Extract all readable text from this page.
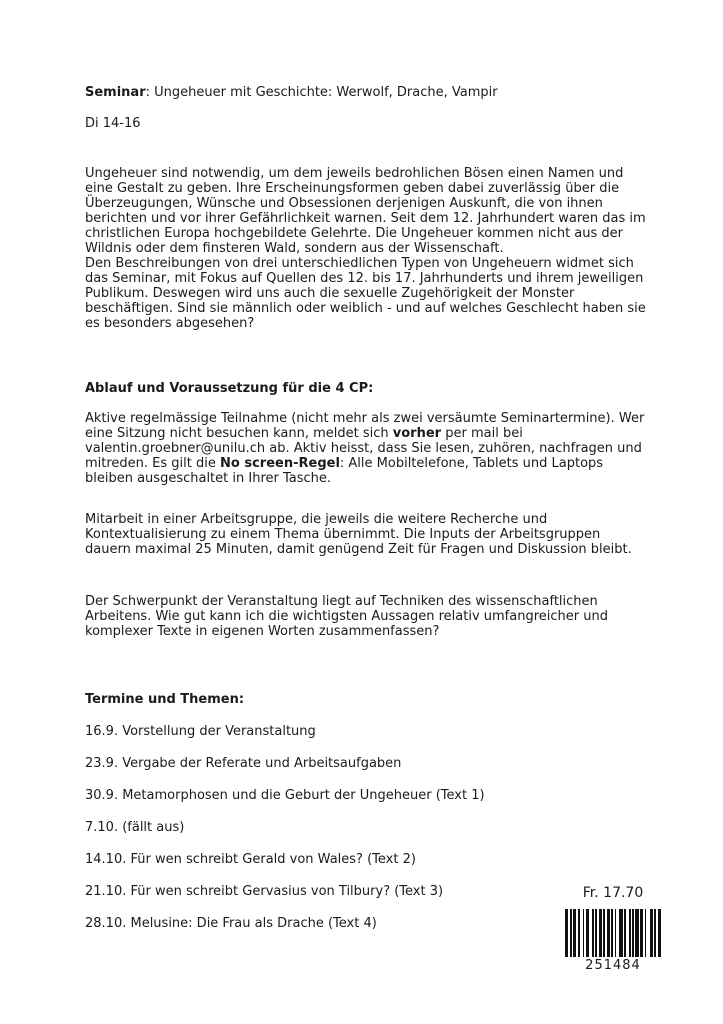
Seminar: Ungeheuer mit Geschichte: Werwolf, Drache, Vampir
Di 14-16

Ungeheuer sind notwendig, um dem jeweils bedrohlichen Bösen einen Namen und eine Gestalt zu geben. Ihre Erscheinungsformen geben dabei zuverlässig über die Überzeugungen, Wünsche und Obsessionen derjenigen Auskunft, die von ihnen berichten und vor ihrer Gefährlichkeit warnen. Seit dem 12. Jahrhundert waren das im christlichen Europa hochgebildete Gelehrte. Die Ungeheuer kommen nicht aus der Wildnis oder dem finsteren Wald, sondern aus der Wissenschaft.

Den Beschreibungen von drei unterschiedlichen Typen von Ungeheuern widmet sich das Seminar, mit Fokus auf Quellen des 12. bis 17. Jahrhunderts und ihrem jeweiligen Publikum. Deswegen wird uns auch die sexuelle Zugehörigkeit der Monster beschäftigen. Sind sie männlich oder weiblich - und auf welches Geschlecht haben sie es besonders abgesehen?

Ablauf und Voraussetzung für die 4 CP:

Aktive regelmässige Teilnahme (nicht mehr als zwei versäumte Seminartermine). Wer eine Sitzung nicht besuchen kann, meldet sich vorher per mail bei valentin.groebner@unilu.ch ab. Aktiv heisst, dass Sie lesen, zuhören, nachfragen und mitreden. Es gilt die No screen-Regel: Alle Mobiltelefone, Tablets und Laptops bleiben ausgeschaltet in Ihrer Tasche.

Mitarbeit in einer Arbeitsgruppe, die jeweils die weitere Recherche und Kontextualisierung zu einem Thema übernimmt. Die Inputs der Arbeitsgruppen dauern maximal 25 Minuten, damit genügend Zeit für Fragen und Diskussion bleibt.

Der Schwerpunkt der Veranstaltung liegt auf Techniken des wissenschaftlichen Arbeitens. Wie gut kann ich die wichtigsten Aussagen relativ umfangreicher und komplexer Texte in eigenen Worten zusammenfassen?

Termine und Themen:
16.9. Vorstellung der Veranstaltung
23.9. Vergabe der Referate und Arbeitsaufgaben
30.9. Metamorphosen und die Geburt der Ungeheuer (Text 1)
7.10. (fällt aus)
14.10. Für wen schreibt Gerald von Wales? (Text 2)
21.10. Für wen schreibt Gervasius von Tilbury? (Text 3)
28.10. Melusine: Die Frau als Drache (Text 4)
Fr. 17.70
251484
